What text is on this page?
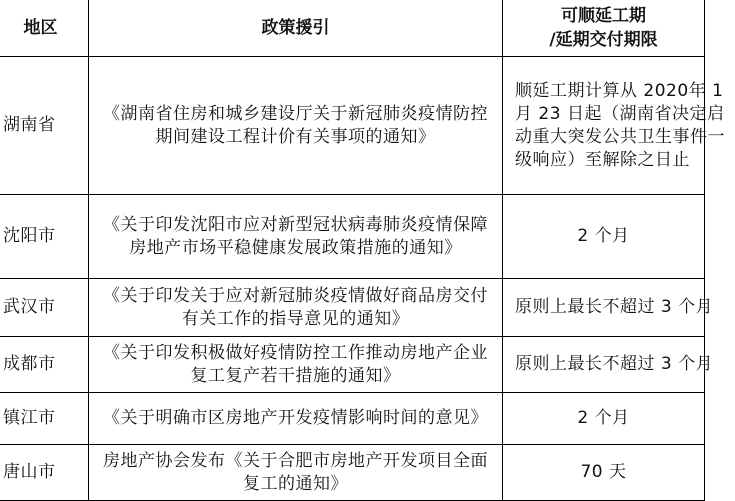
地区	政策援引	可顺延工期
/延期交付期限

湖南省	《湖南省住房和城乡建设厅关于新冠肺炎疫情防控期间建设工程计价有关事项的通知》	顺延工期计算从 2020年 1 月 23 日起（湖南省决定启动重大突发公共卫生事件一级响应）至解除之日止

沈阳市	《关于印发沈阳市应对新型冠状病毒肺炎疫情保障房地产市场平稳健康发展政策措施的通知》	2 个月
武汉市	《关于印发关于应对新冠肺炎疫情做好商品房交付有关工作的指导意见的通知》	原则上最长不超过 3 个月

成都市	《关于印发积极做好疫情防控工作推动房地产企业复工复产若干措施的通知》	原则上最长不超过 3 个月

镇江市	《关于明确市区房地产开发疫情影响时间的意见》	2 个月
唐山市	房地产协会发布《关于合肥市房地产开发项目全面复工的通知》	70 天
